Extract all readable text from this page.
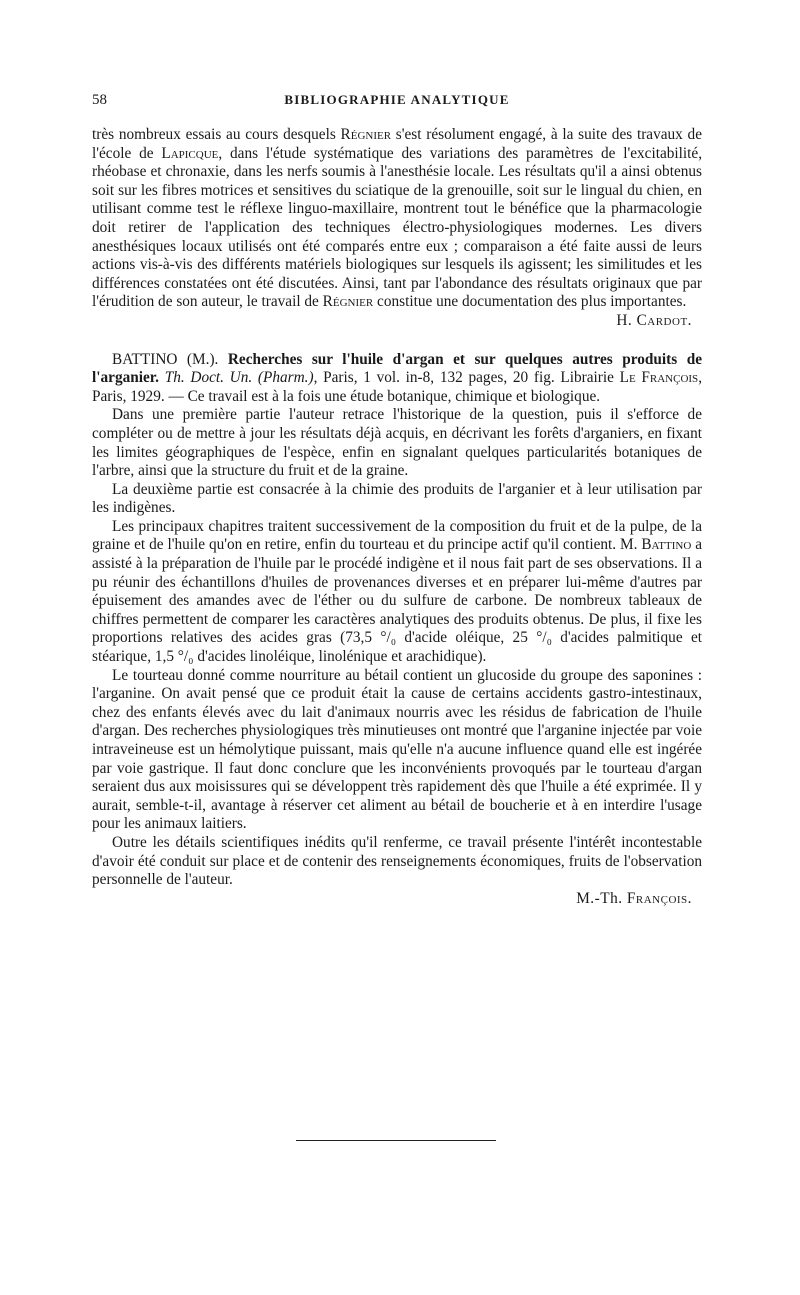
58	BIBLIOGRAPHIE ANALYTIQUE

très nombreux essais au cours desquels Régnier s'est résolument engagé, à la suite des travaux de l'école de Lapicque, dans l'étude systématique des variations des paramètres de l'excitabilité, rhéobase et chronaxie, dans les nerfs soumis à l'anesthésie locale. Les résultats qu'il a ainsi obtenus soit sur les fibres motrices et sensitives du sciatique de la grenouille, soit sur le lingual du chien, en utilisant comme test le réflexe linguo-maxillaire, montrent tout le bénéfice que la pharmacologie doit retirer de l'application des techniques électro-physiologiques modernes. Les divers anesthésiques locaux utilisés ont été comparés entre eux ; comparaison a été faite aussi de leurs actions vis-à-vis des différents matériels biologiques sur lesquels ils agissent; les similitudes et les différences constatées ont été discutées. Ainsi, tant par l'abondance des résultats originaux que par l'érudition de son auteur, le travail de Régnier constitue une documentation des plus importantes.

H. Cardot.

BATTINO (M.). Recherches sur l'huile d'argan et sur quelques autres produits de l'arganier. Th. Doct. Un. (Pharm.), Paris, 1 vol. in-8, 132 pages, 20 fig. Librairie Le François, Paris, 1929. — Ce travail est à la fois une étude botanique, chimique et biologique.

Dans une première partie l'auteur retrace l'historique de la question, puis il s'efforce de compléter ou de mettre à jour les résultats déjà acquis, en décrivant les forêts d'arganiers, en fixant les limites géographiques de l'espèce, enfin en signalant quelques particularités botaniques de l'arbre, ainsi que la structure du fruit et de la graine.

La deuxième partie est consacrée à la chimie des produits de l'arganier et à leur utilisation par les indigènes.

Les principaux chapitres traitent successivement de la composition du fruit et de la pulpe, de la graine et de l'huile qu'on en retire, enfin du tourteau et du principe actif qu'il contient. M. Battino a assisté à la préparation de l'huile par le procédé indigène et il nous fait part de ses observations. Il a pu réunir des échantillons d'huiles de provenances diverses et en préparer lui-même d'autres par épuisement des amandes avec de l'éther ou du sulfure de carbone. De nombreux tableaux de chiffres permettent de comparer les caractères analytiques des produits obtenus. De plus, il fixe les proportions relatives des acides gras (73,5 °/₀ d'acide oléique, 25 °/₀ d'acides palmitique et stéarique, 1,5 °/₀ d'acides linoléique, linolénique et arachidique).

Le tourteau donné comme nourriture au bétail contient un glucoside du groupe des saponines : l'arganine. On avait pensé que ce produit était la cause de certains accidents gastro-intestinaux, chez des enfants élevés avec du lait d'animaux nourris avec les résidus de fabrication de l'huile d'argan. Des recherches physiologiques très minutieuses ont montré que l'arganine injectée par voie intraveineuse est un hémolytique puissant, mais qu'elle n'a aucune influence quand elle est ingérée par voie gastrique. Il faut donc conclure que les inconvénients provoqués par le tourteau d'argan seraient dus aux moisissures qui se développent très rapidement dès que l'huile a été exprimée. Il y aurait, semble-t-il, avantage à réserver cet aliment au bétail de boucherie et à en interdire l'usage pour les animaux laitiers.

Outre les détails scientifiques inédits qu'il renferme, ce travail présente l'intérêt incontestable d'avoir été conduit sur place et de contenir des renseignements économiques, fruits de l'observation personnelle de l'auteur.

M.-Th. François.
